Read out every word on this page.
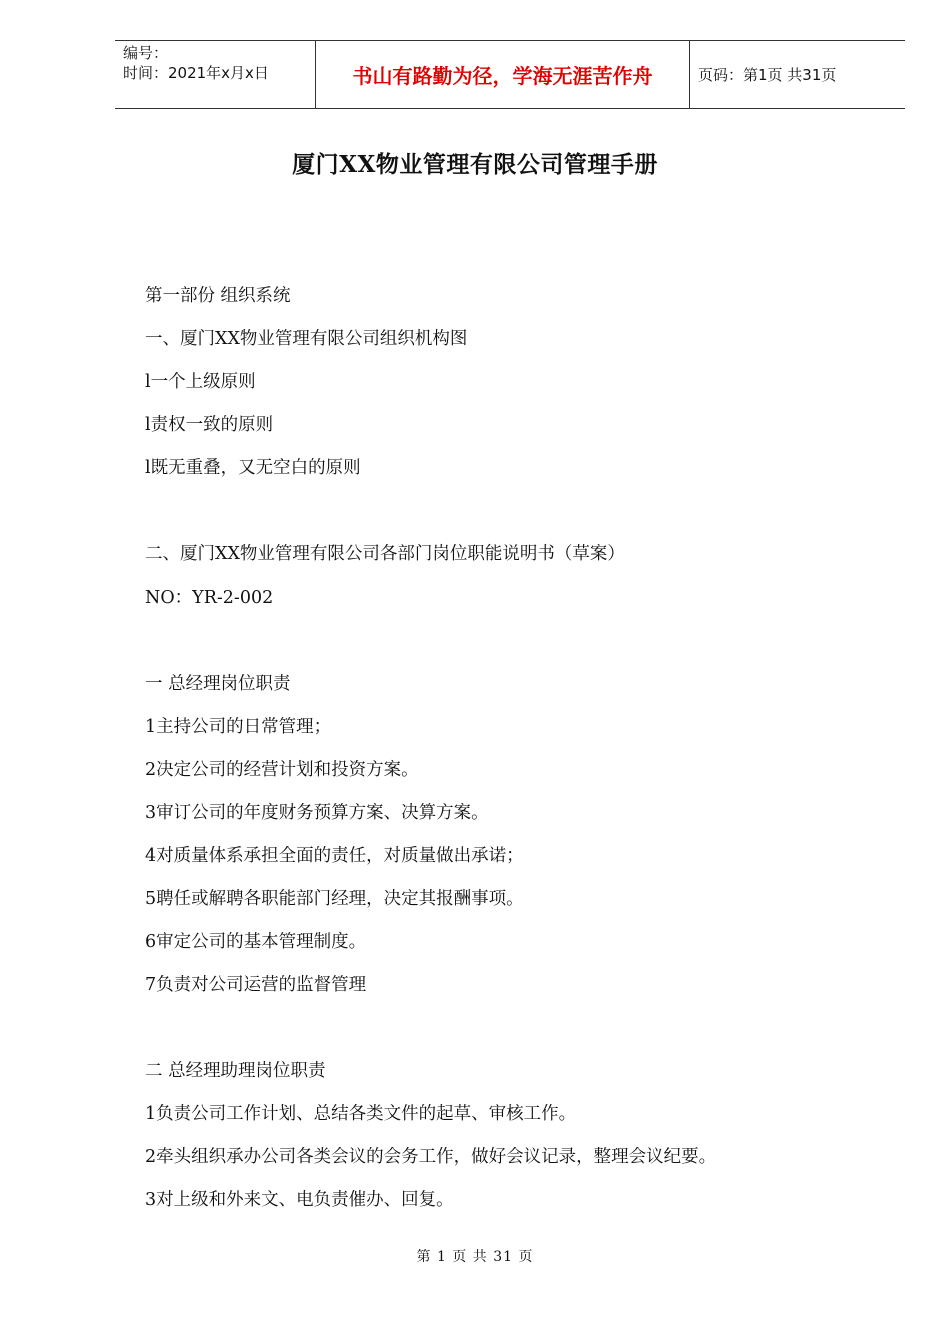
编号：
时间：2021年x月x日	书山有路勤为径，学海无涯苦作舟	页码：第1页 共31页
厦门XX物业管理有限公司管理手册
第一部份 组织系统
一、厦门XX物业管理有限公司组织机构图
l一个上级原则
l责权一致的原则
l既无重叠，又无空白的原则
二、厦门XX物业管理有限公司各部门岗位职能说明书（草案）
NO：YR-2-002
一 总经理岗位职责
1主持公司的日常管理；
2决定公司的经营计划和投资方案。
3审订公司的年度财务预算方案、决算方案。
4对质量体系承担全面的责任，对质量做出承诺；
5聘任或解聘各职能部门经理，决定其报酬事项。
6审定公司的基本管理制度。
7负责对公司运营的监督管理
二 总经理助理岗位职责
1负责公司工作计划、总结各类文件的起草、审核工作。
2牵头组织承办公司各类会议的会务工作，做好会议记录，整理会议纪要。
3对上级和外来文、电负责催办、回复。
第 1 页 共 31 页
